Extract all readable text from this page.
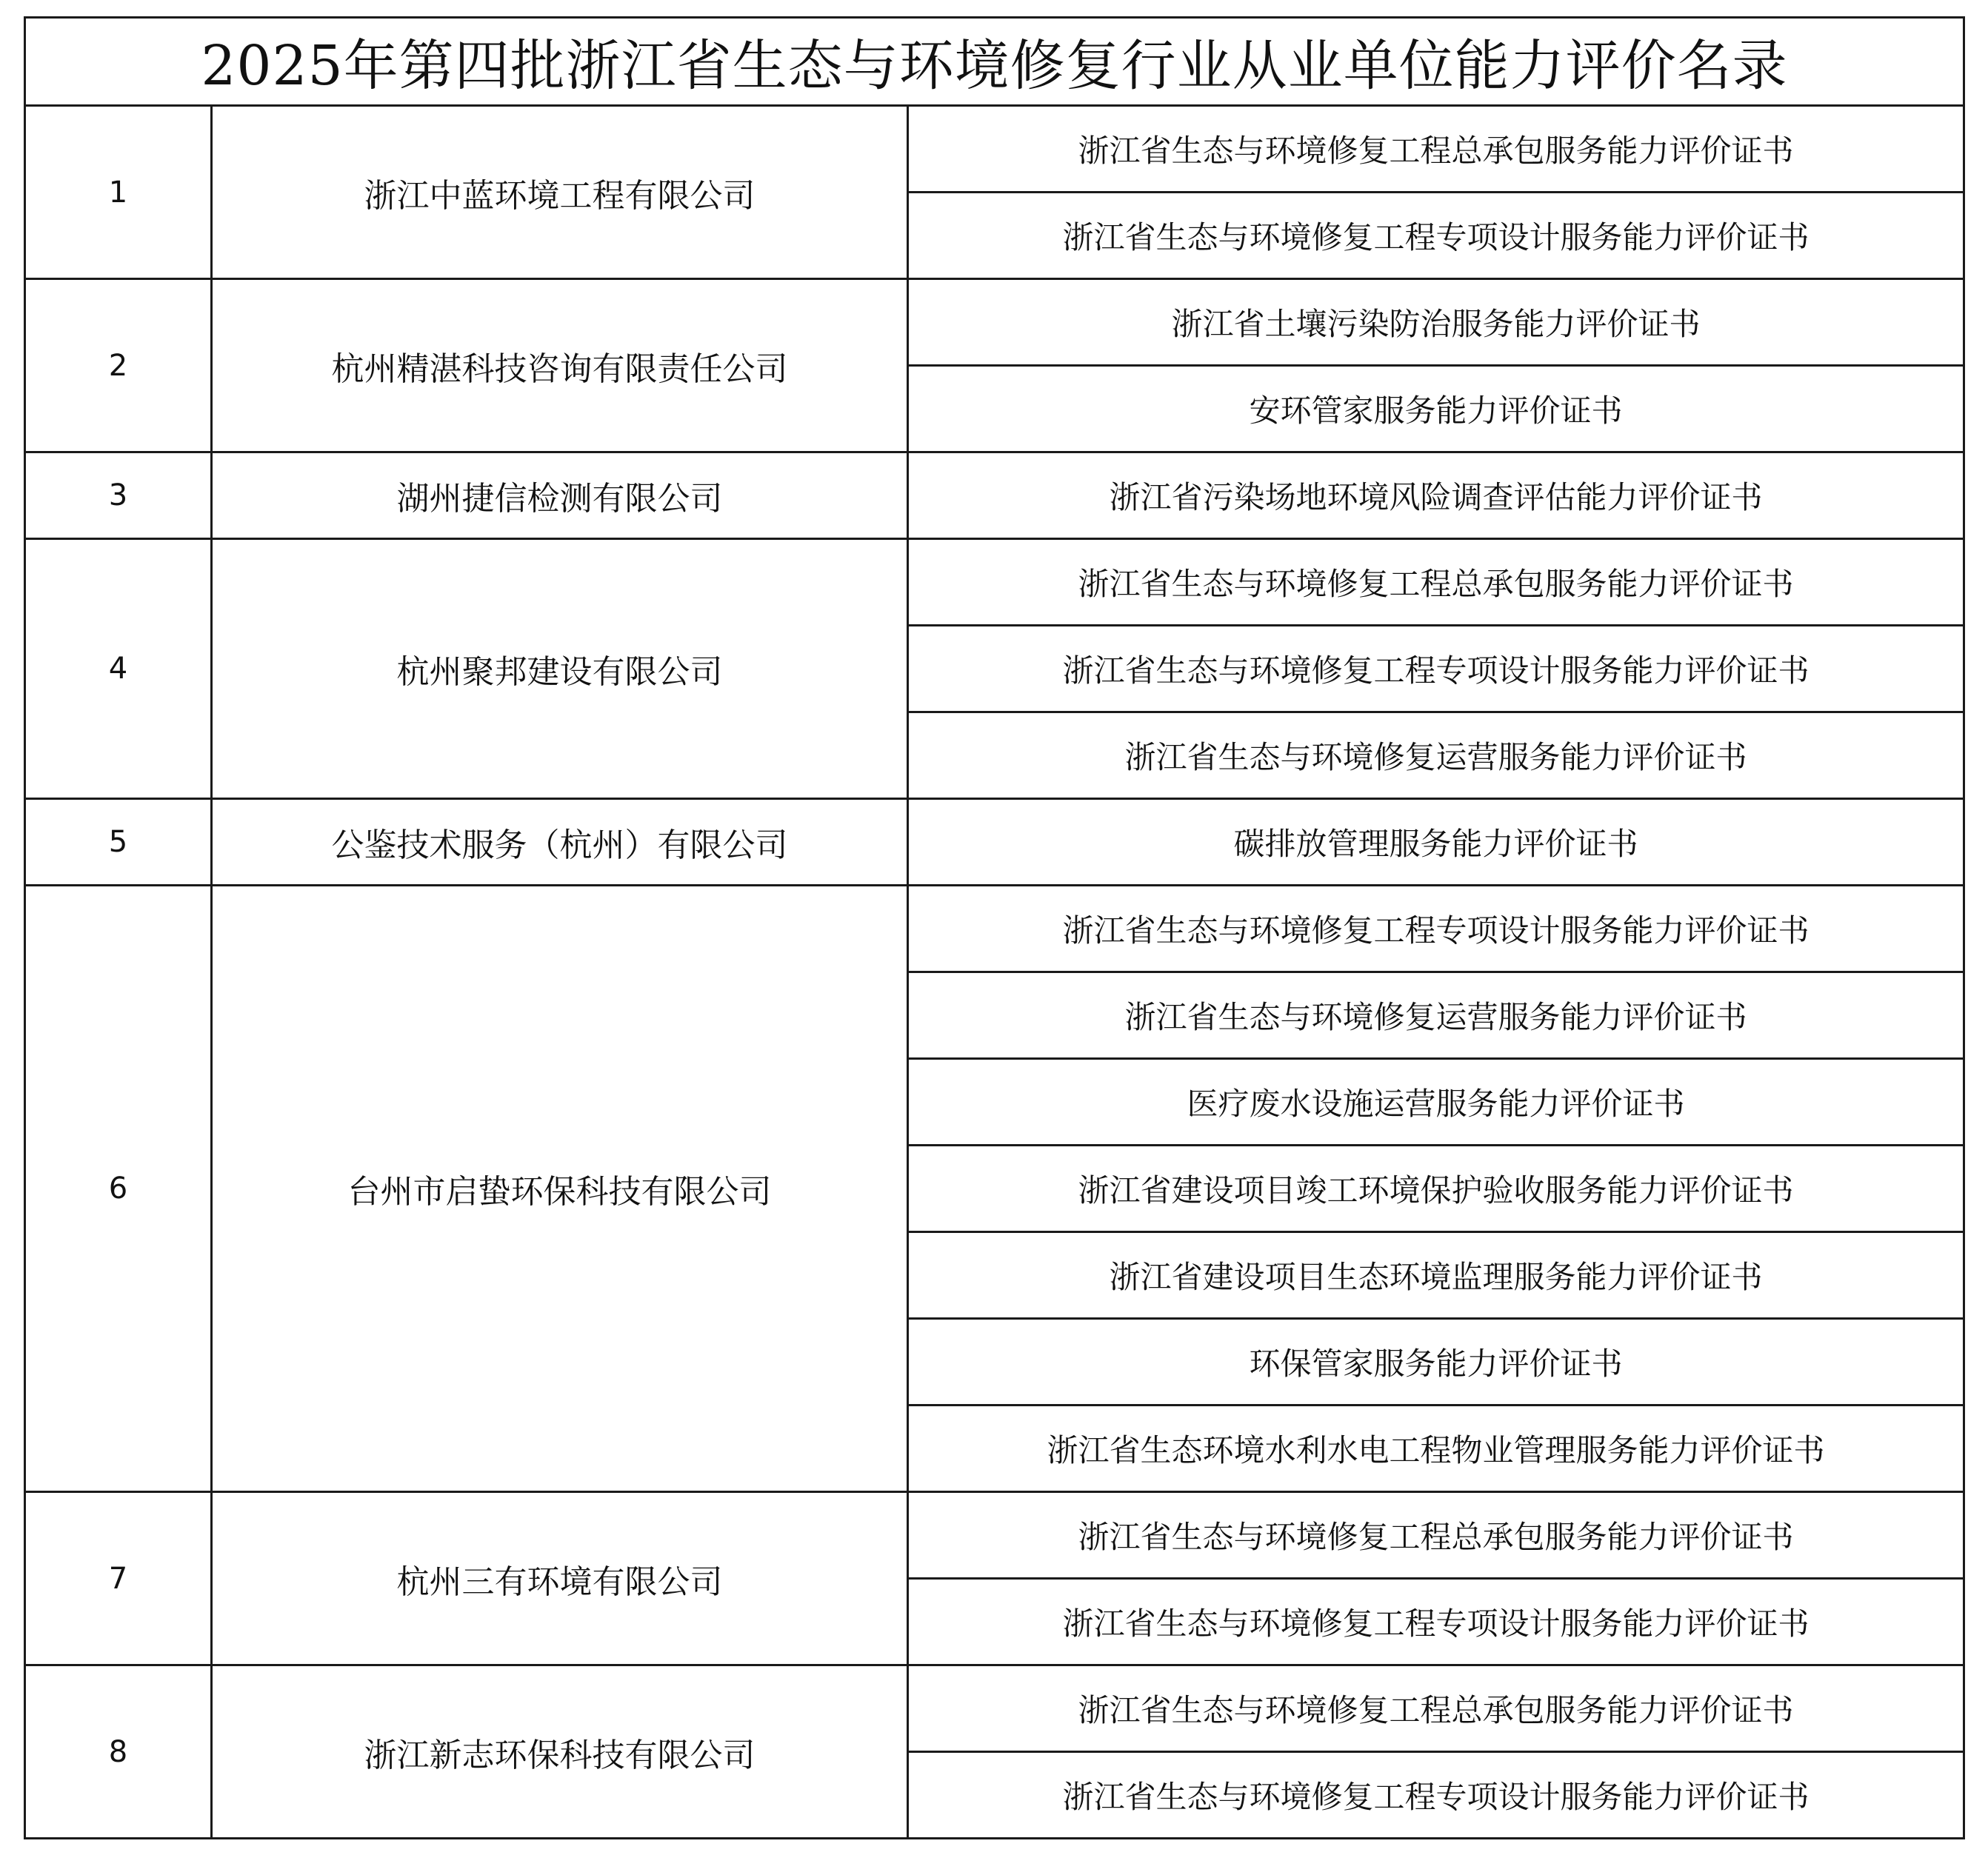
2025年第四批浙江省生态与环境修复行业从业单位能力评价名录		
1	浙江中蓝环境工程有限公司	浙江省生态与环境修复工程总承包服务能力评价证书
		浙江省生态与环境修复工程专项设计服务能力评价证书
2	杭州精湛科技咨询有限责任公司	浙江省土壤污染防治服务能力评价证书
		安环管家服务能力评价证书
3	湖州捷信检测有限公司	浙江省污染场地环境风险调查评估能力评价证书
4	杭州聚邦建设有限公司	浙江省生态与环境修复工程总承包服务能力评价证书
		浙江省生态与环境修复工程专项设计服务能力评价证书
		浙江省生态与环境修复运营服务能力评价证书
5	公鉴技术服务（杭州）有限公司	碳排放管理服务能力评价证书
6	台州市启蛰环保科技有限公司	浙江省生态与环境修复工程专项设计服务能力评价证书
		浙江省生态与环境修复运营服务能力评价证书
		医疗废水设施运营服务能力评价证书
		浙江省建设项目竣工环境保护验收服务能力评价证书
		浙江省建设项目生态环境监理服务能力评价证书
		环保管家服务能力评价证书
		浙江省生态环境水利水电工程物业管理服务能力评价证书
7	杭州三有环境有限公司	浙江省生态与环境修复工程总承包服务能力评价证书
		浙江省生态与环境修复工程专项设计服务能力评价证书
8	浙江新志环保科技有限公司	浙江省生态与环境修复工程总承包服务能力评价证书
		浙江省生态与环境修复工程专项设计服务能力评价证书
